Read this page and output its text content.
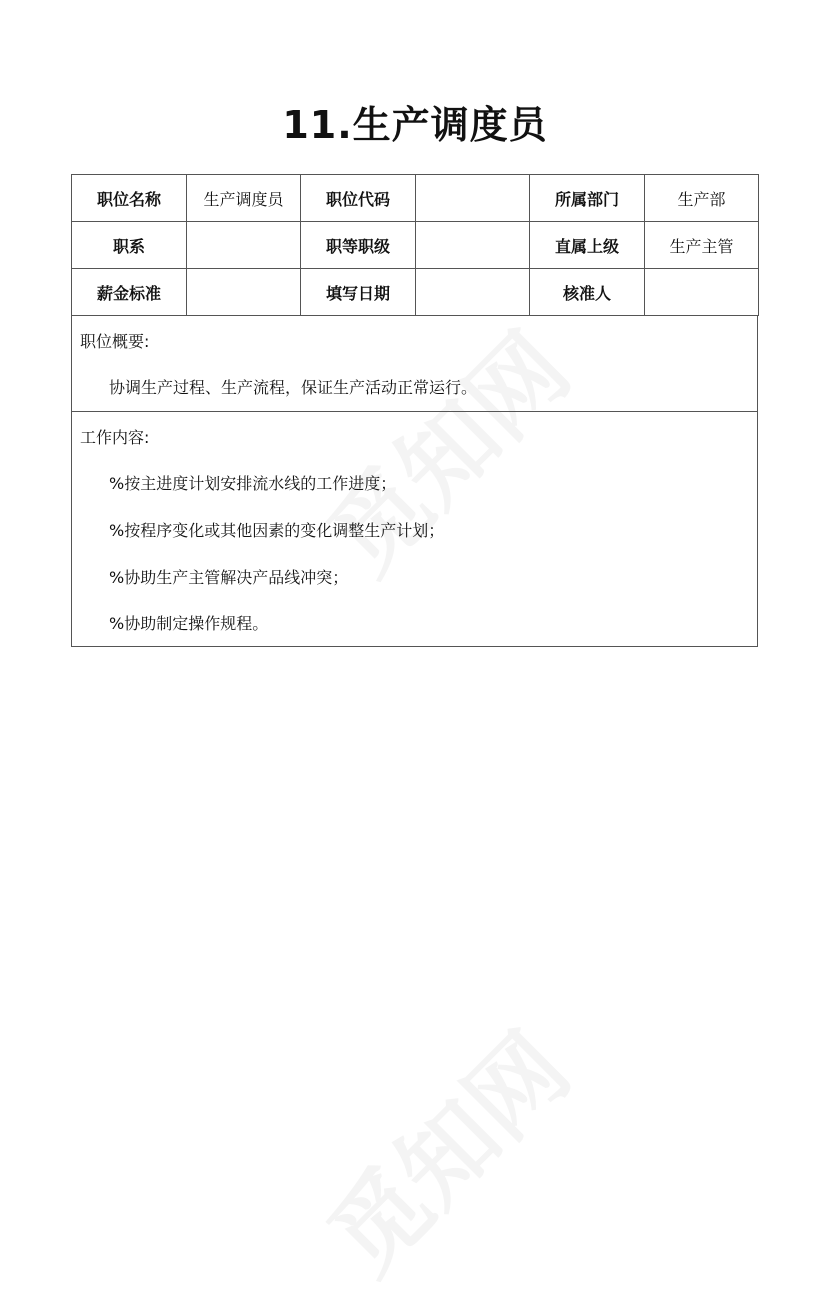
11.生产调度员
职位名称	生产调度员	职位代码		所属部门	生产部
职系		职等职级		直属上级	生产主管
薪金标准		填写日期		核准人	
职位概要:
协调生产过程、生产流程，保证生产活动正常运行。
工作内容:
%按主进度计划安排流水线的工作进度；
%按程序变化或其他因素的变化调整生产计划；
%协助生产主管解决产品线冲突；
%协助制定操作规程。
